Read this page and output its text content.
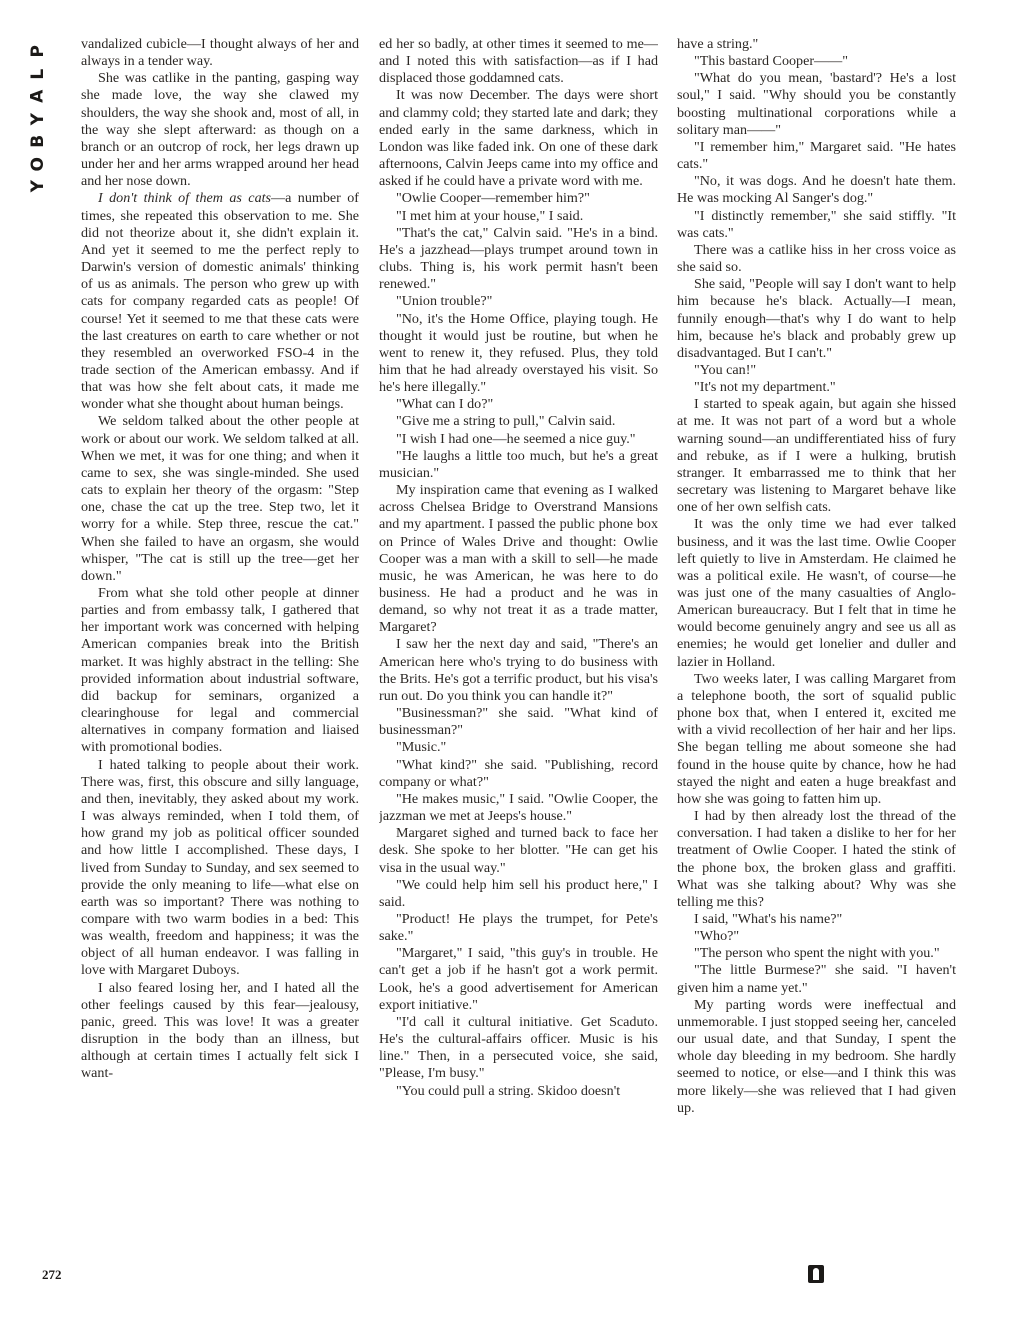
P
L
A
Y
B
O
Y

vandalized cubicle—I thought always of her and always in a tender way.

She was catlike in the panting, gasping way she made love, the way she clawed my shoulders, the way she shook and, most of all, in the way she slept afterward: as though on a branch or an outcrop of rock, her legs drawn up under her and her arms wrapped around her head and her nose down.

I don't think of them as cats—a number of times, she repeated this observation to me. She did not theorize about it, she didn't explain it. And yet it seemed to me the perfect reply to Darwin's version of domestic animals' thinking of us as animals. The person who grew up with cats for company regarded cats as people! Of course! Yet it seemed to me that these cats were the last creatures on earth to care whether or not they resembled an overworked FSO-4 in the trade section of the American embassy. And if that was how she felt about cats, it made me wonder what she thought about human beings.

We seldom talked about the other people at work or about our work. We seldom talked at all. When we met, it was for one thing; and when it came to sex, she was single-minded. She used cats to explain her theory of the orgasm: "Step one, chase the cat up the tree. Step two, let it worry for a while. Step three, rescue the cat." When she failed to have an orgasm, she would whisper, "The cat is still up the tree—get her down."

From what she told other people at dinner parties and from embassy talk, I gathered that her important work was concerned with helping American companies break into the British market. It was highly abstract in the telling: She provided information about industrial software, did backup for seminars, organized a clearinghouse for legal and commercial alternatives in company formation and liaised with promotional bodies.

I hated talking to people about their work. There was, first, this obscure and silly language, and then, inevitably, they asked about my work. I was always reminded, when I told them, of how grand my job as political officer sounded and how little I accomplished. These days, I lived from Sunday to Sunday, and sex seemed to provide the only meaning to life—what else on earth was so important? There was nothing to compare with two warm bodies in a bed: This was wealth, freedom and happiness; it was the object of all human endeavor. I was falling in love with Margaret Duboys.

I also feared losing her, and I hated all the other feelings caused by this fear—jealousy, panic, greed. This was love! It was a greater disruption in the body than an illness, but although at certain times I actually felt sick I want-

ed her so badly, at other times it seemed to me—and I noted this with satisfaction—as if I had displaced those goddamned cats.

It was now December. The days were short and clammy cold; they started late and dark; they ended early in the same darkness, which in London was like faded ink. On one of these dark afternoons, Calvin Jeeps came into my office and asked if he could have a private word with me.

"Owlie Cooper—remember him?"

"I met him at your house," I said.

"That's the cat," Calvin said. "He's in a bind. He's a jazzhead—plays trumpet around town in clubs. Thing is, his work permit hasn't been renewed."

"Union trouble?"

"No, it's the Home Office, playing tough. He thought it would just be routine, but when he went to renew it, they refused. Plus, they told him that he had already overstayed his visit. So he's here illegally."

"What can I do?"

"Give me a string to pull," Calvin said.

"I wish I had one—he seemed a nice guy."

"He laughs a little too much, but he's a great musician."

My inspiration came that evening as I walked across Chelsea Bridge to Overstrand Mansions and my apartment. I passed the public phone box on Prince of Wales Drive and thought: Owlie Cooper was a man with a skill to sell—he made music, he was American, he was here to do business. He had a product and he was in demand, so why not treat it as a trade matter, Margaret?

I saw her the next day and said, "There's an American here who's trying to do business with the Brits. He's got a terrific product, but his visa's run out. Do you think you can handle it?"

"Businessman?" she said. "What kind of businessman?"

"Music."

"What kind?" she said. "Publishing, record company or what?"

"He makes music," I said. "Owlie Cooper, the jazzman we met at Jeeps's house."

Margaret sighed and turned back to face her desk. She spoke to her blotter. "He can get his visa in the usual way."

"We could help him sell his product here," I said.

"Product! He plays the trumpet, for Pete's sake."

"Margaret," I said, "this guy's in trouble. He can't get a job if he hasn't got a work permit. Look, he's a good advertisement for American export initiative."

"I'd call it cultural initiative. Get Scaduto. He's the cultural-affairs officer. Music is his line." Then, in a persecuted voice, she said, "Please, I'm busy."

"You could pull a string. Skidoo doesn't

have a string."

"This bastard Cooper——"

"What do you mean, 'bastard'? He's a lost soul," I said. "Why should you be constantly boosting multinational corporations while a solitary man——"

"I remember him," Margaret said. "He hates cats."

"No, it was dogs. And he doesn't hate them. He was mocking Al Sanger's dog."

"I distinctly remember," she said stiffly. "It was cats."

There was a catlike hiss in her cross voice as she said so.

She said, "People will say I don't want to help him because he's black. Actually—I mean, funnily enough—that's why I do want to help him, because he's black and probably grew up disadvantaged. But I can't."

"You can!"

"It's not my department."

I started to speak again, but again she hissed at me. It was not part of a word but a whole warning sound—an undifferentiated hiss of fury and rebuke, as if I were a hulking, brutish stranger. It embarrassed me to think that her secretary was listening to Margaret behave like one of her own selfish cats.

It was the only time we had ever talked business, and it was the last time. Owlie Cooper left quietly to live in Amsterdam. He claimed he was a political exile. He wasn't, of course—he was just one of the many casualties of Anglo-American bureaucracy. But I felt that in time he would become genuinely angry and see us all as enemies; he would get lonelier and duller and lazier in Holland.

Two weeks later, I was calling Margaret from a telephone booth, the sort of squalid public phone box that, when I entered it, excited me with a vivid recollection of her hair and her lips. She began telling me about someone she had found in the house quite by chance, how he had stayed the night and eaten a huge breakfast and how she was going to fatten him up.

I had by then already lost the thread of the conversation. I had taken a dislike to her for her treatment of Owlie Cooper. I hated the stink of the phone box, the broken glass and graffiti. What was she talking about? Why was she telling me this?

I said, "What's his name?"

"Who?"

"The person who spent the night with you."

"The little Burmese?" she said. "I haven't given him a name yet."

My parting words were ineffectual and unmemorable. I just stopped seeing her, canceled our usual date, and that Sunday, I spent the whole day bleeding in my bedroom. She hardly seemed to notice, or else—and I think this was more likely—she was relieved that I had given up.

272
